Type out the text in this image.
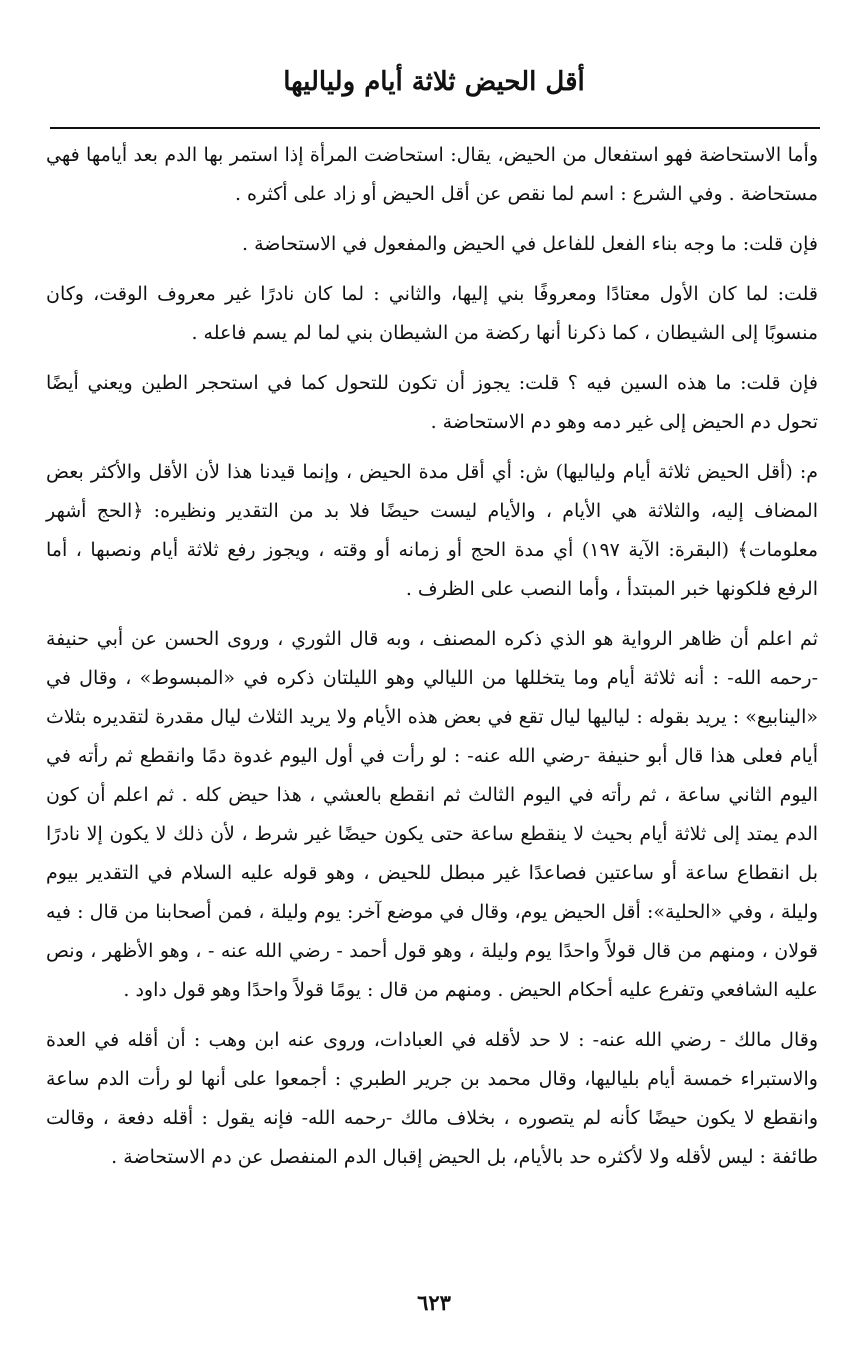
أقل الحيض ثلاثة أيام ولياليها

وأما الاستحاضة فهو استفعال من الحيض، يقال: استحاضت المرأة إذا استمر بها الدم بعد أيامها فهي مستحاضة . وفي الشرع : اسم لما نقص عن أقل الحيض أو زاد على أكثره .

فإن قلت: ما وجه بناء الفعل للفاعل في الحيض والمفعول في الاستحاضة .

قلت: لما كان الأول معتادًا ومعروفًا بني إليها، والثاني : لما كان نادرًا غير معروف الوقت، وكان منسوبًا إلى الشيطان ، كما ذكرنا أنها ركضة من الشيطان بني لما لم يسم فاعله .

فإن قلت: ما هذه السين فيه ؟ قلت: يجوز أن تكون للتحول كما في استحجر الطين ويعني أيضًا تحول دم الحيض إلى غير دمه وهو دم الاستحاضة .

م: (أقل الحيض ثلاثة أيام ولياليها) ش: أي أقل مدة الحيض ، وإنما قيدنا هذا لأن الأقل والأكثر بعض المضاف إليه، والثلاثة هي الأيام ، والأيام ليست حيضًا فلا بد من التقدير ونظيره: ﴿الحج أشهر معلومات﴾ (البقرة: الآية ١٩٧) أي مدة الحج أو زمانه أو وقته ، ويجوز رفع ثلاثة أيام ونصبها ، أما الرفع فلكونها خبر المبتدأ ، وأما النصب على الظرف .

ثم اعلم أن ظاهر الرواية هو الذي ذكره المصنف ، وبه قال الثوري ، وروى الحسن عن أبي حنيفة -رحمه الله- : أنه ثلاثة أيام وما يتخللها من الليالي وهو الليلتان ذكره في «المبسوط» ، وقال في «الينابيع» : يريد بقوله : لياليها ليال تقع في بعض هذه الأيام ولا يريد الثلاث ليال مقدرة لتقديره بثلاث أيام فعلى هذا قال أبو حنيفة -رضي الله عنه- : لو رأت في أول اليوم غدوة دمًا وانقطع ثم رأته في اليوم الثاني ساعة ، ثم رأته في اليوم الثالث ثم انقطع بالعشي ، هذا حيض كله . ثم اعلم أن كون الدم يمتد إلى ثلاثة أيام بحيث لا ينقطع ساعة حتى يكون حيضًا غير شرط ، لأن ذلك لا يكون إلا نادرًا بل انقطاع ساعة أو ساعتين فصاعدًا غير مبطل للحيض ، وهو قوله عليه السلام في التقدير بيوم وليلة ، وفي «الحلية»: أقل الحيض يوم، وقال في موضع آخر: يوم وليلة ، فمن أصحابنا من قال : فيه قولان ، ومنهم من قال قولاً واحدًا يوم وليلة ، وهو قول أحمد - رضي الله عنه - ، وهو الأظهر ، ونص عليه الشافعي وتفرع عليه أحكام الحيض . ومنهم من قال : يومًا قولاً واحدًا وهو قول داود .

وقال مالك - رضي الله عنه- : لا حد لأقله في العبادات، وروى عنه ابن وهب : أن أقله في العدة والاستبراء خمسة أيام بلياليها، وقال محمد بن جرير الطبري : أجمعوا على أنها لو رأت الدم ساعة وانقطع لا يكون حيضًا كأنه لم يتصوره ، بخلاف مالك -رحمه الله- فإنه يقول : أقله دفعة ، وقالت طائفة : ليس لأقله ولا لأكثره حد بالأيام، بل الحيض إقبال الدم المنفصل عن دم الاستحاضة .

٦٢٣
